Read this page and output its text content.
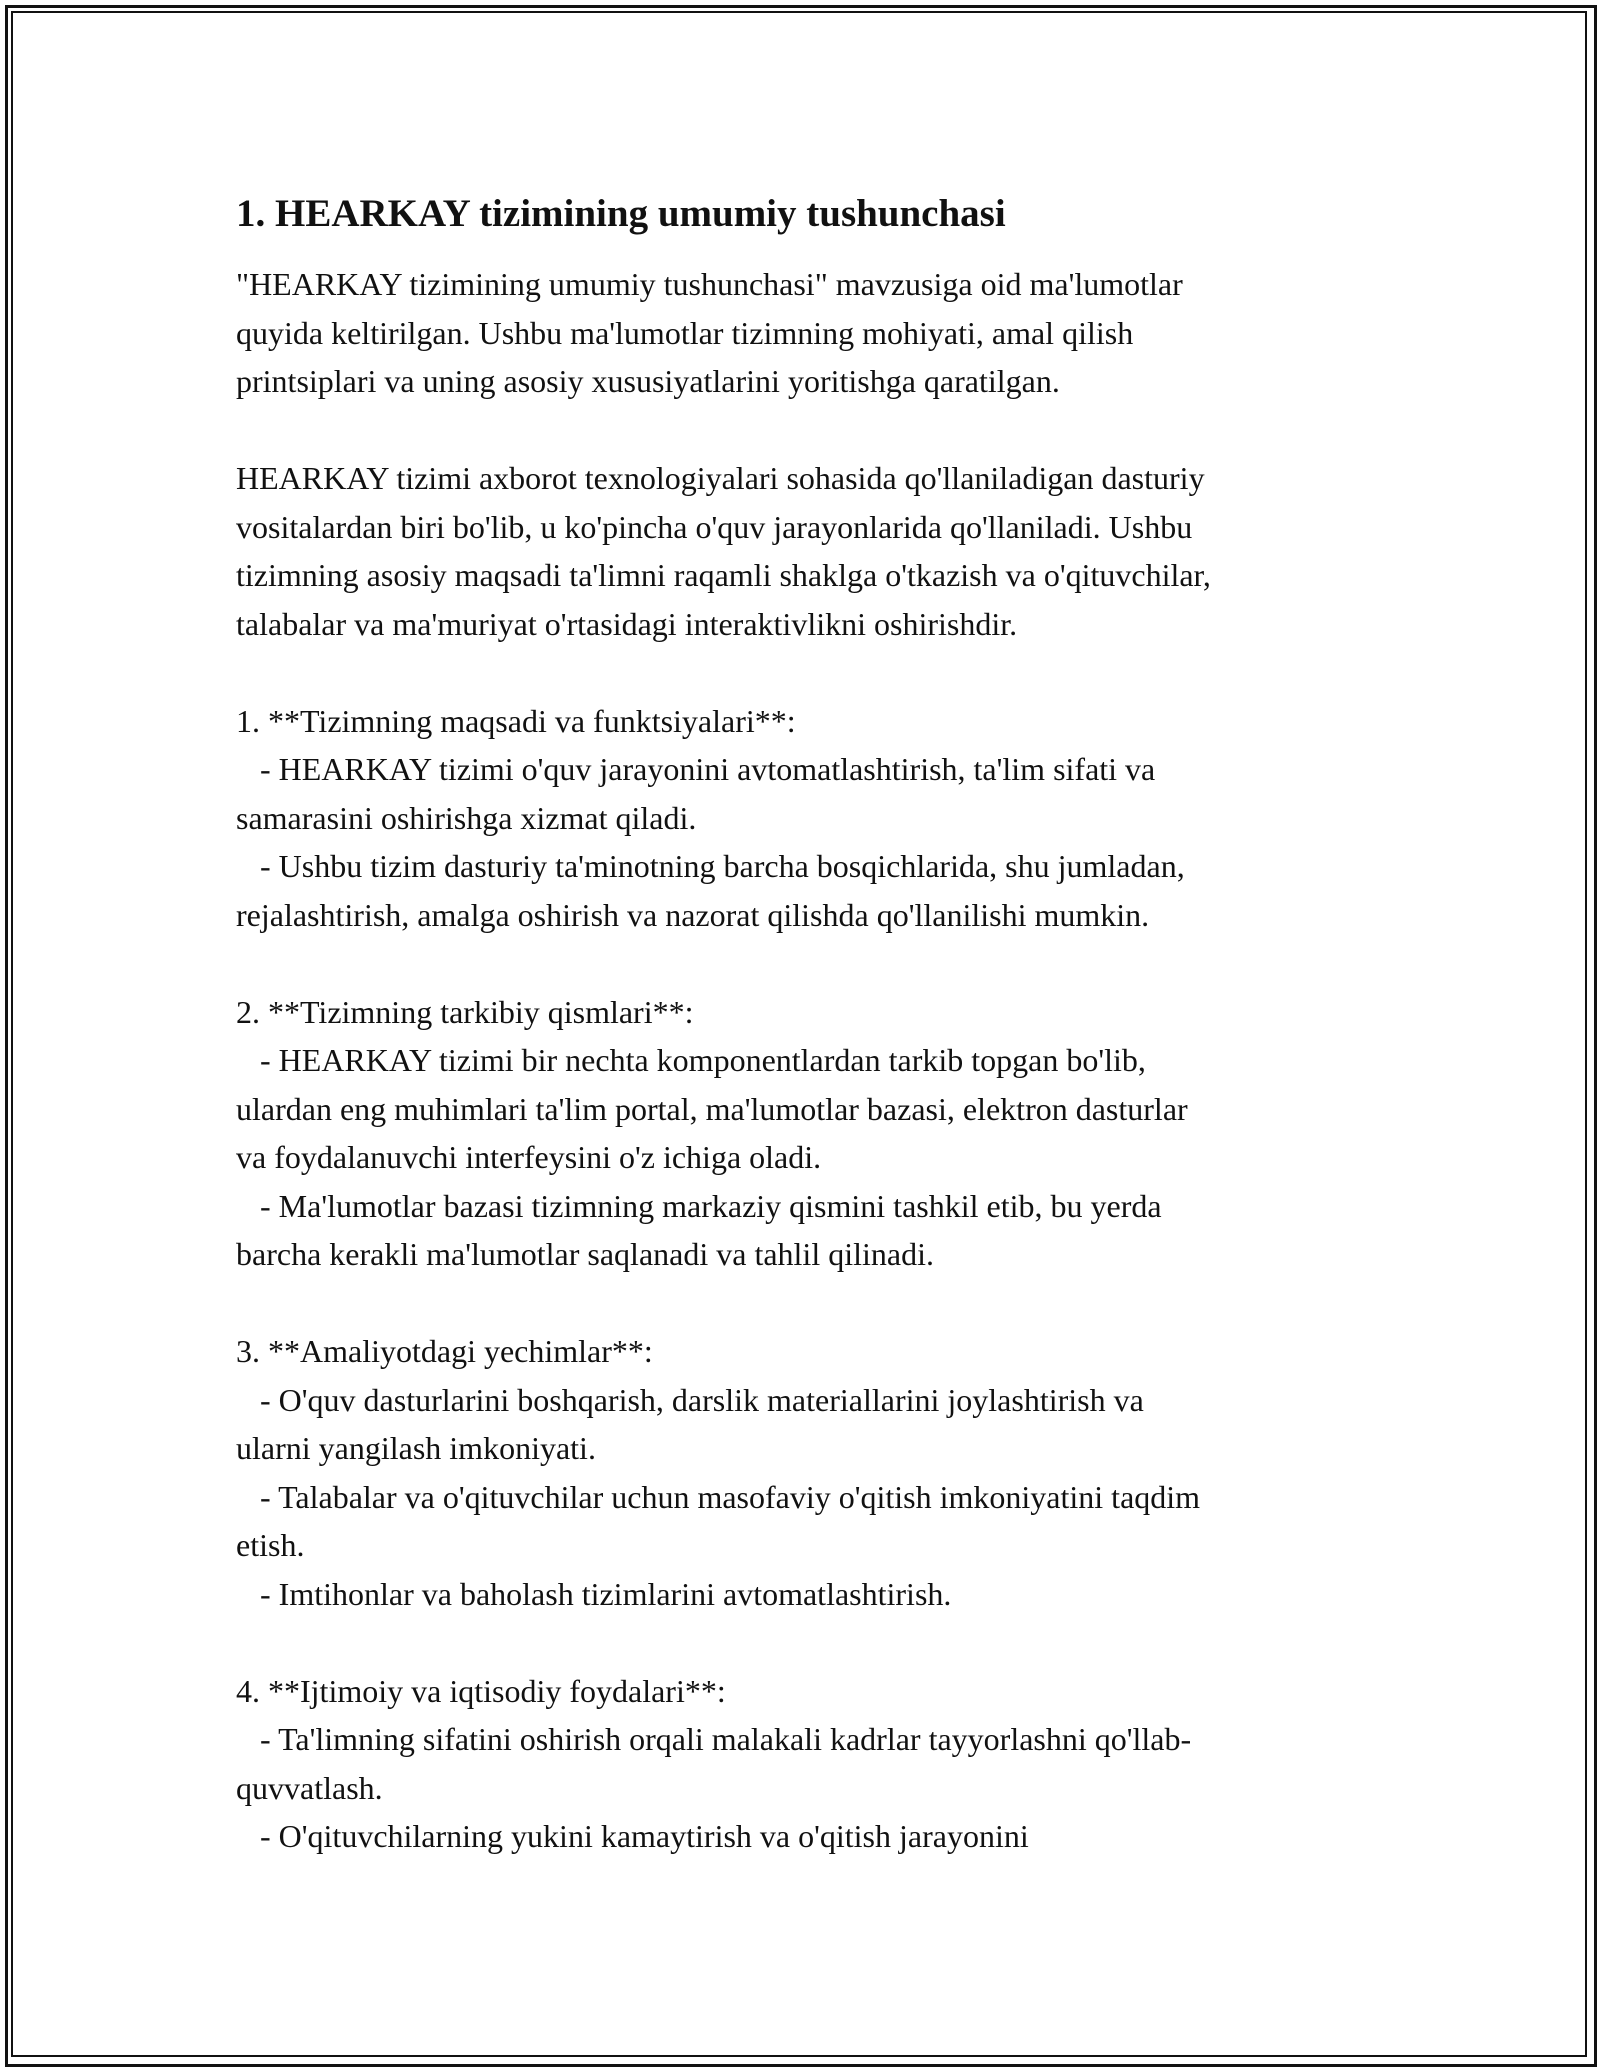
1. HEARKAY tizimining umumiy tushunchasi

"HEARKAY tizimining umumiy tushunchasi" mavzusiga oid ma'lumotlar
quyida keltirilgan. Ushbu ma'lumotlar tizimning mohiyati, amal qilish
printsiplari va uning asosiy xususiyatlarini yoritishga qaratilgan.

HEARKAY tizimi axborot texnologiyalari sohasida qo'llaniladigan dasturiy
vositalardan biri bo'lib, u ko'pincha o'quv jarayonlarida qo'llaniladi. Ushbu
tizimning asosiy maqsadi ta'limni raqamli shaklga o'tkazish va o'qituvchilar,
talabalar va ma'muriyat o'rtasidagi interaktivlikni oshirishdir.

1. **Tizimning maqsadi va funktsiyalari**:
- HEARKAY tizimi o'quv jarayonini avtomatlashtirish, ta'lim sifati va
samarasini oshirishga xizmat qiladi.
- Ushbu tizim dasturiy ta'minotning barcha bosqichlarida, shu jumladan,
rejalashtirish, amalga oshirish va nazorat qilishda qo'llanilishi mumkin.

2. **Tizimning tarkibiy qismlari**:
- HEARKAY tizimi bir nechta komponentlardan tarkib topgan bo'lib,
ulardan eng muhimlari ta'lim portal, ma'lumotlar bazasi, elektron dasturlar
va foydalanuvchi interfeysini o'z ichiga oladi.
- Ma'lumotlar bazasi tizimning markaziy qismini tashkil etib, bu yerda
barcha kerakli ma'lumotlar saqlanadi va tahlil qilinadi.

3. **Amaliyotdagi yechimlar**:
- O'quv dasturlarini boshqarish, darslik materiallarini joylashtirish va
ularni yangilash imkoniyati.
- Talabalar va o'qituvchilar uchun masofaviy o'qitish imkoniyatini taqdim
etish.
- Imtihonlar va baholash tizimlarini avtomatlashtirish.

4. **Ijtimoiy va iqtisodiy foydalari**:
- Ta'limning sifatini oshirish orqali malakali kadrlar tayyorlashni qo'llab-
quvvatlash.
- O'qituvchilarning yukini kamaytirish va o'qitish jarayonini
